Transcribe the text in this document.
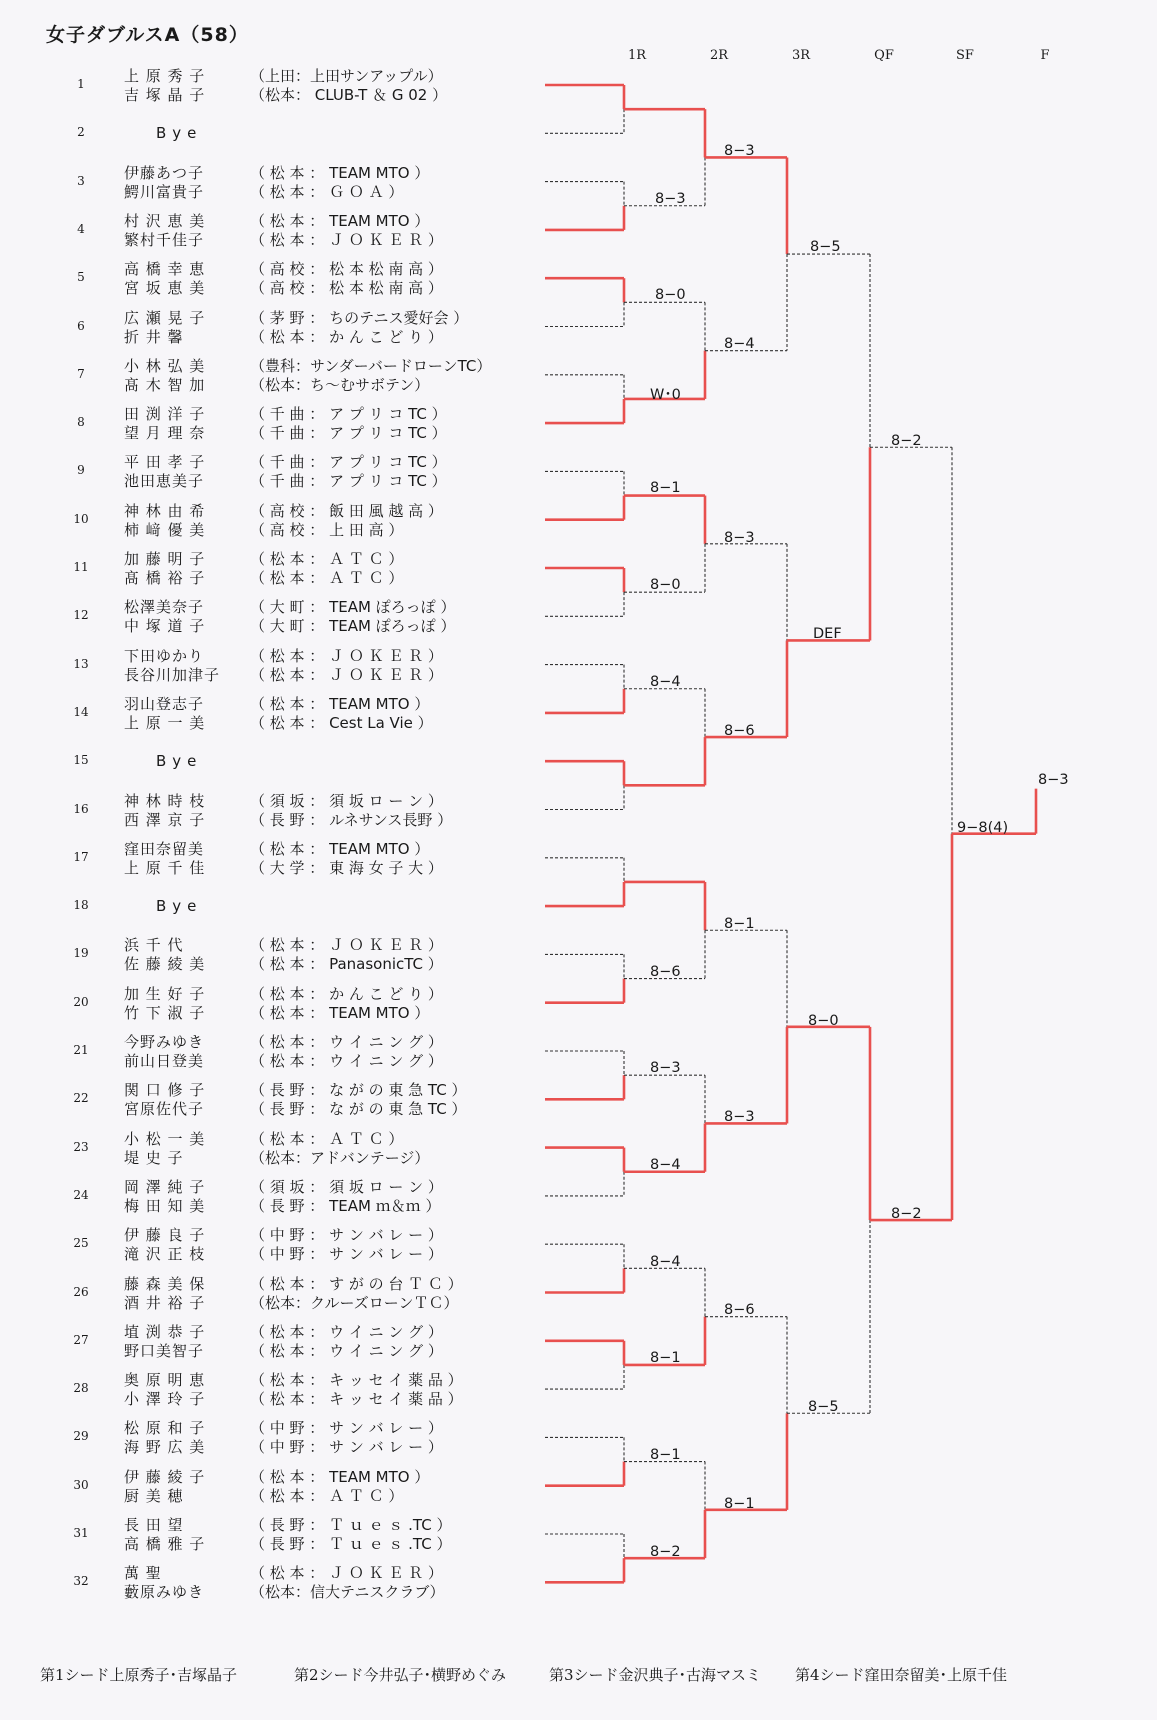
女子ダブルスA（58）
1R	2R	3R	QF	SF	F
1	上 原 秀 子	（上田：上田サンアップル）
吉 塚 晶 子	（松本： CLUB-T ＆ G 02 ）
2	Bye
3	伊藤あつ子	（ 松 本 ： TEAM MTO ）
鰐川富貴子	（ 松 本 ： Ｇ Ｏ Ａ ）
4	村 沢 恵 美	（ 松 本 ： TEAM MTO ）
繁村千佳子	（ 松 本 ： Ｊ Ｏ Ｋ Ｅ Ｒ ）
5	高 橋 幸 恵	（ 高 校 ： 松 本 松 南 高 ）
宮 坂 恵 美	（ 高 校 ： 松 本 松 南 高 ）
6	広 瀬 晃 子	（ 茅 野 ： ちのテニス愛好会 ）
折 井 馨	（ 松 本 ： か ん こ ど り ）
7	小 林 弘 美	（豊科：サンダーバードローンTC）
髙 木 智 加	（松本：ち～むサボテン）
8	田 渕 洋 子	（ 千 曲 ： ア プ リ コ TC ）
望 月 理 奈	（ 千 曲 ： ア プ リ コ TC ）
9	平 田 孝 子	（ 千 曲 ： ア プ リ コ TC ）
池田恵美子	（ 千 曲 ： ア プ リ コ TC ）
10 神 林 由 希	（ 高 校 ： 飯 田 風 越 高 ）
柿 﨑 優 美	（ 高 校 ： 上 田 高 ）
11 加 藤 明 子	（ 松 本 ： Ａ Ｔ Ｃ ）
髙 橋 裕 子	（ 松 本 ： Ａ Ｔ Ｃ ）
12 松澤美奈子	（ 大 町 ： TEAM ぽろっぽ ）
中 塚 道 子	（ 大 町 ： TEAM ぽろっぽ ）
13 下田ゆかり	（ 松 本 ： Ｊ Ｏ Ｋ Ｅ Ｒ ）
長谷川加津子 （ 松 本 ： Ｊ Ｏ Ｋ Ｅ Ｒ ）
14 羽山登志子	（ 松 本 ： TEAM MTO ）
上 原 一 美	（ 松 本 ： Cest La Vie ）
15	Bye
16 神 林 時 枝	（ 須 坂 ： 須 坂 ロ ー ン ）
西 澤 京 子	（ 長 野 ： ルネサンス長野 ）
17 窪田奈留美	（ 松 本 ： TEAM MTO ）
上 原 千 佳	（ 大 学 ： 東 海 女 子 大 ）
18	Bye
19 浜 千 代	（ 松 本 ： Ｊ Ｏ Ｋ Ｅ Ｒ ）
佐 藤 綾 美	（ 松 本 ： PanasonicTC ）
20 加 生 好 子	（ 松 本 ： か ん こ ど り ）
竹 下 淑 子	（ 松 本 ： TEAM MTO ）
21 今野みゆき	（ 松 本 ： ウ イ ニ ン グ ）
前山日登美	（ 松 本 ： ウ イ ニ ン グ ）
22 関 口 修 子	（ 長 野 ： な が の 東 急 TC ）
宮原佐代子	（ 長 野 ： な が の 東 急 TC ）
23 小 松 一 美	（ 松 本 ： Ａ Ｔ Ｃ ）
堤 史 子	（松本：アドバンテージ）
24 岡 澤 純 子	（ 須 坂 ： 須 坂 ロ ー ン ）
梅 田 知 美	（ 長 野 ： TEAM ｍ＆ｍ ）
25 伊 藤 良 子	（ 中 野 ： サ ン バ レ ー ）
滝 沢 正 枝	（ 中 野 ： サ ン バ レ ー ）
26 藤 森 美 保	（ 松 本 ： す が の 台 Ｔ Ｃ ）
酒 井 裕 子	（松本：クルーズローンＴＣ）
27 埴 渕 恭 子	（ 松 本 ： ウ イ ニ ン グ ）
野口美智子	（ 松 本 ： ウ イ ニ ン グ ）
28 奥 原 明 恵	（ 松 本 ： キ ッ セ イ 薬 品 ）
小 澤 玲 子	（ 松 本 ： キ ッ セ イ 薬 品 ）
29 松 原 和 子	（ 中 野 ： サ ン バ レ ー ）
海 野 広 美	（ 中 野 ： サ ン バ レ ー ）
30 伊 藤 綾 子	（ 松 本 ： TEAM MTO ）
厨 美 穂	（ 松 本 ： Ａ Ｔ Ｃ ）
31 長 田 望	（ 長 野 ： Ｔ ｕ ｅ ｓ .TC ）
高 橋 雅 子	（ 長 野 ： Ｔ ｕ ｅ ｓ .TC ）
32 萬 聖	（ 松 本 ： Ｊ Ｏ Ｋ Ｅ Ｒ ）
藪原みゆき	（松本：信大テニスクラブ）
8−3
8−0
W･0
8−1
8−0
8−4
8−6
8−3
8−4
8−4
8−1
8−1
8−2
8−3
8−4
8−3
8−6
8−1
8−3
8−6
8−1
8−5
DEF
8−0
8−5
8−2
8−2
9−8(4)
8−3
第1シード上原秀子･吉塚晶子	第2シード今井弘子･横野めぐみ	第3シード金沢典子･古海マスミ 第4シード窪田奈留美･上原千佳
